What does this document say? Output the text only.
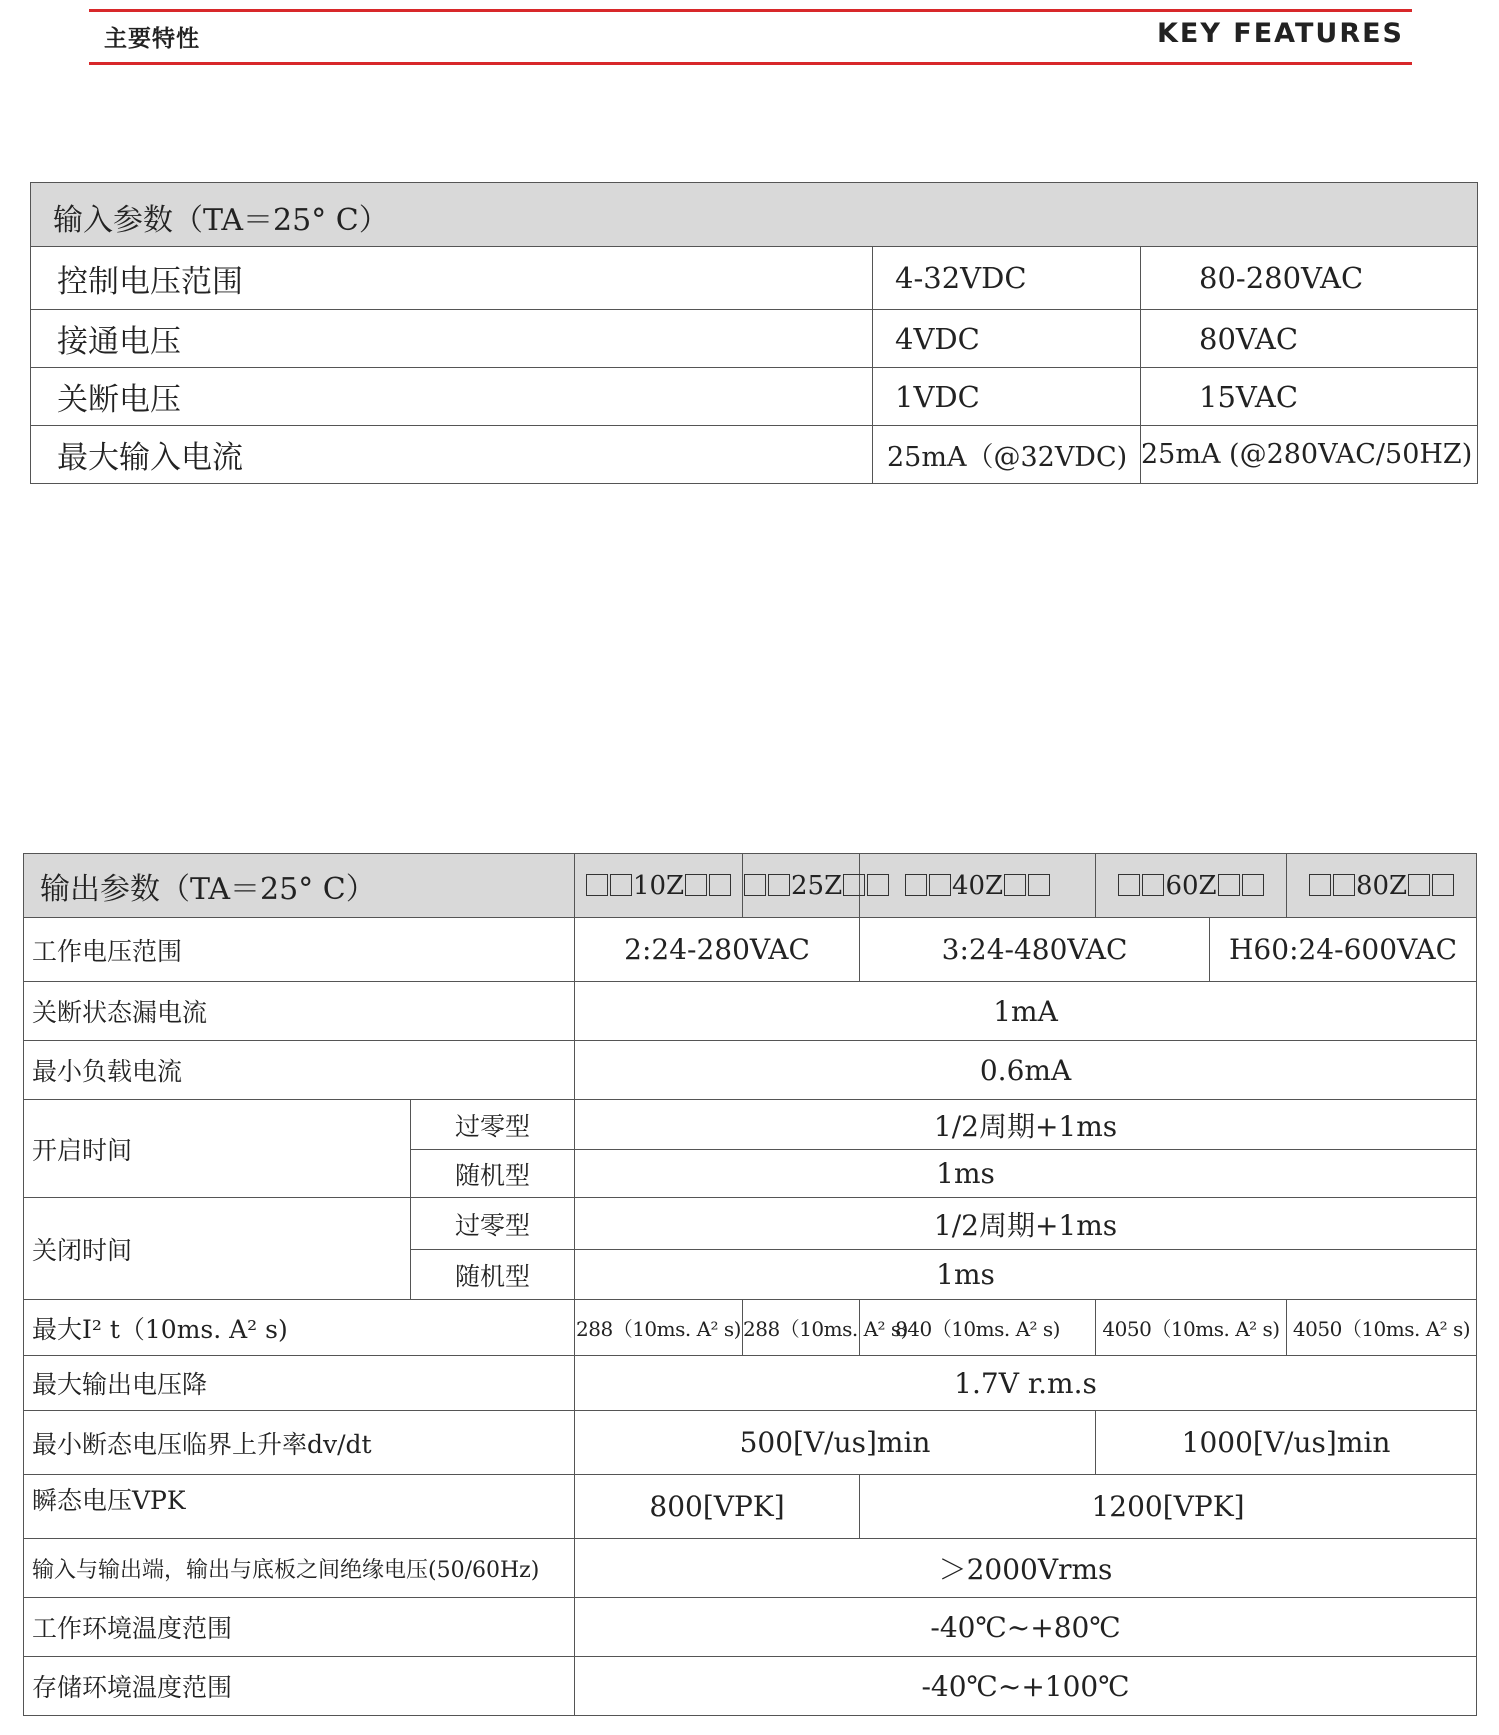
主要特性	KEY FEATURES
输入参数（TA＝25° C）		
控制电压范围	4-32VDC	80-280VAC
接通电压	4VDC	80VAC
关断电压	1VDC	15VAC
最大输入电流	25mA（@32VDC)	25mA (@280VAC/50HZ)
输出参数（TA＝25° C）		10Z	25Z	40Z	60Z		80Z
工作电压范围		2:24-280VAC		3:24-480VAC		H60:24-600VAC	
关断状态漏电流		1mA					
最小负载电流		0.6mA					
开启时间	过零型	1/2周期+1ms					
	随机型	1ms					
关闭时间	过零型	1/2周期+1ms					
	随机型	1ms					
最大I² t（10ms. A² s)		288（10ms. A² s)	288（10ms. A² s)	840（10ms. A² s)	4050（10ms. A² s)		4050（10ms. A² s)
最大输出电压降		1.7V r.m.s					
最小断态电压临界上升率dv/dt		500[V/us]min			1000[V/us]min		
瞬态电压VPK		800[VPK]		1200[VPK]			
输入与输出端，输出与底板之间绝缘电压(50/60Hz)		＞2000Vrms					
工作环境温度范围		-40℃~+80℃					
存储环境温度范围		-40℃~+100℃					
